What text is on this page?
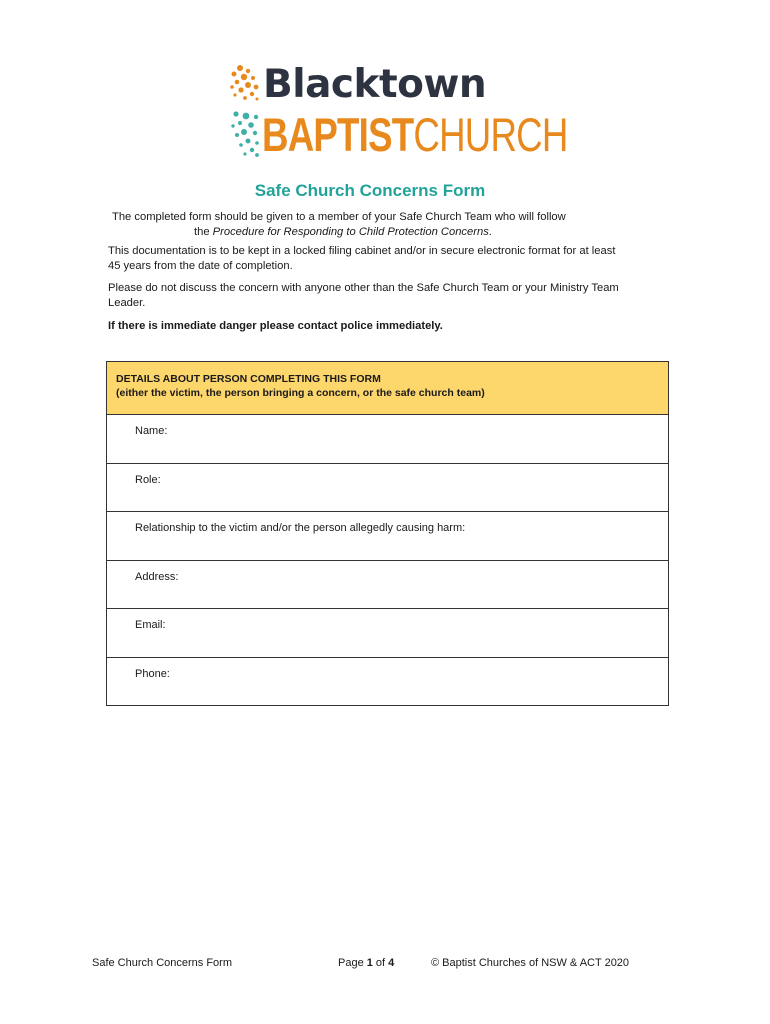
Blacktown
BAPTISTCHURCH
Safe Church Concerns Form
The completed form should be given to a member of your Safe Church Team who will follow
the Procedure for Responding to Child Protection Concerns.
This documentation is to be kept in a locked filing cabinet and/or in secure electronic format for at least 45 years from the date of completion.
Please do not discuss the concern with anyone other than the Safe Church Team or your Ministry Team Leader.
If there is immediate danger please contact police immediately.
DETAILS ABOUT PERSON COMPLETING THIS FORM
(either the victim, the person bringing a concern, or the safe church team)
Name:
Role:
Relationship to the victim and/or the person allegedly causing harm:
Address:
Email:
Phone:
Safe Church Concerns Form	Page 1 of 4	© Baptist Churches of NSW & ACT 2020
